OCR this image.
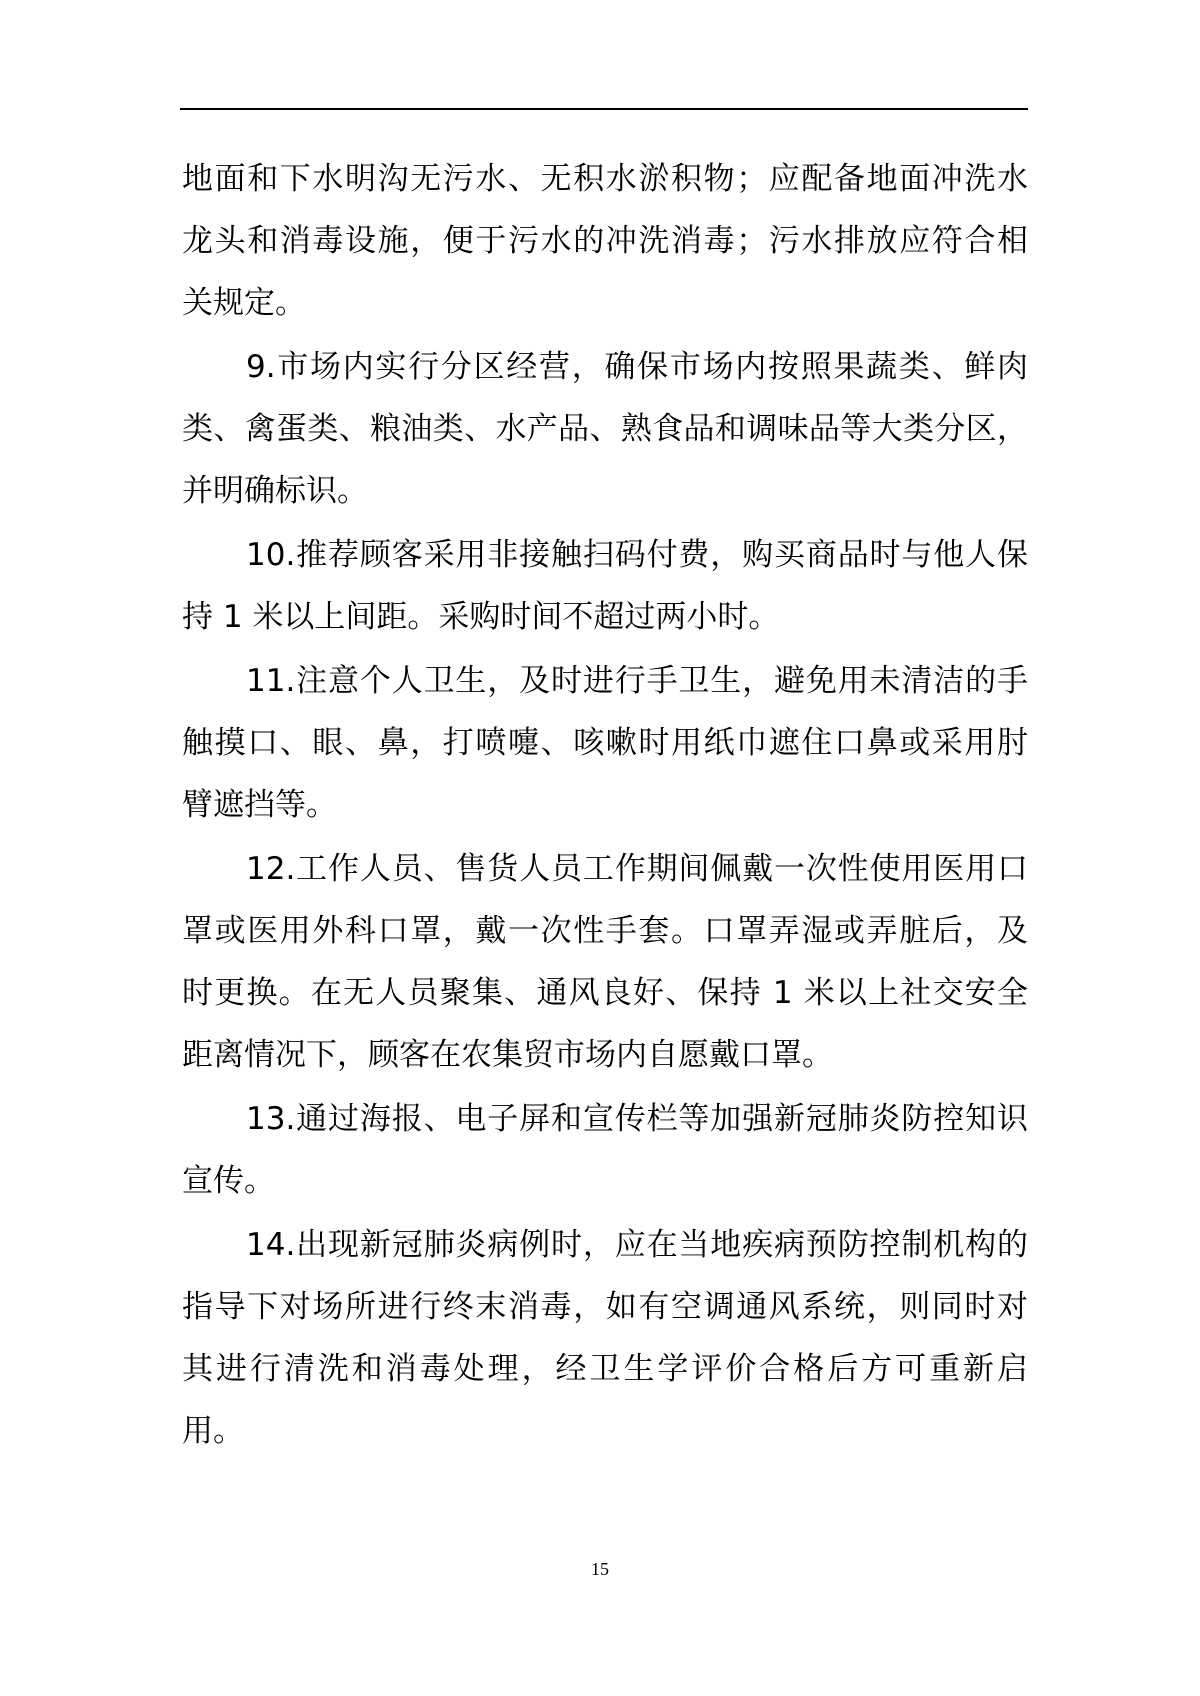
地面和下水明沟无污水、无积水淤积物；应配备地面冲洗水
龙头和消毒设施，便于污水的冲洗消毒；污水排放应符合相
关规定。
9.市场内实行分区经营，确保市场内按照果蔬类、鲜肉
类、禽蛋类、粮油类、水产品、熟食品和调味品等大类分区，
并明确标识。
10.推荐顾客采用非接触扫码付费，购买商品时与他人保
持 1 米以上间距。采购时间不超过两小时。
11.注意个人卫生，及时进行手卫生，避免用未清洁的手
触摸口、眼、鼻，打喷嚏、咳嗽时用纸巾遮住口鼻或采用肘
臂遮挡等。
12.工作人员、售货人员工作期间佩戴一次性使用医用口
罩或医用外科口罩，戴一次性手套。口罩弄湿或弄脏后，及
时更换。在无人员聚集、通风良好、保持 1 米以上社交安全
距离情况下，顾客在农集贸市场内自愿戴口罩。
13.通过海报、电子屏和宣传栏等加强新冠肺炎防控知识
宣传。
14.出现新冠肺炎病例时，应在当地疾病预防控制机构的
指导下对场所进行终末消毒，如有空调通风系统，则同时对
其进行清洗和消毒处理，经卫生学评价合格后方可重新启
用。
15
